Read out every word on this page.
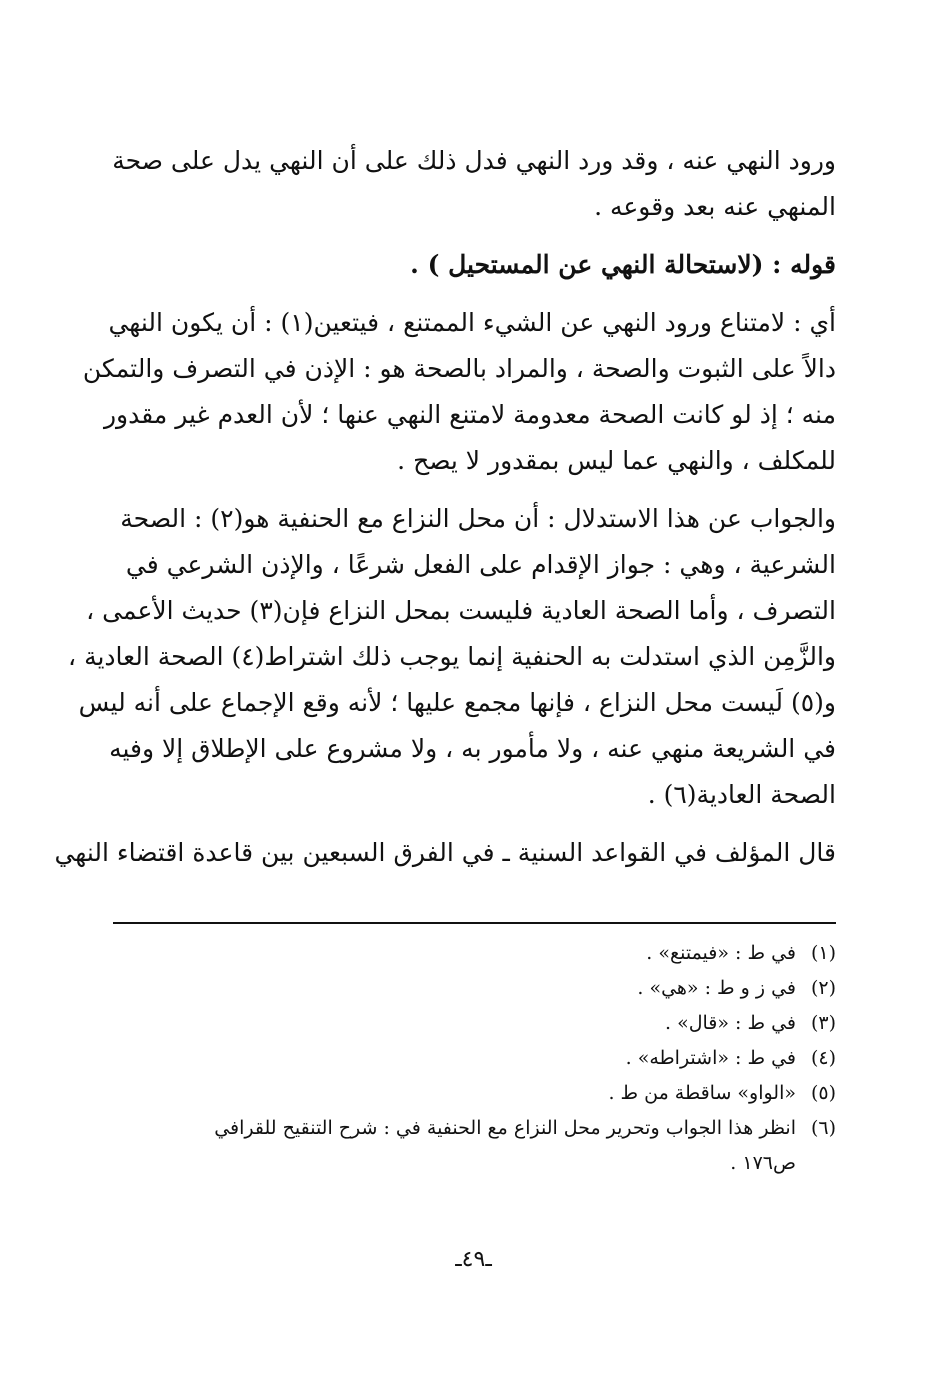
ورود النهي عنه ، وقد ورد النهي فدل ذلك على أن النهي يدل على صحة
المنهي عنه بعد وقوعه .
قوله : (لاستحالة النهي عن المستحيل ) .
أي : لامتناع ورود النهي عن الشيء الممتنع ، فيتعين(١) : أن يكون النهي
دالاً على الثبوت والصحة ، والمراد بالصحة هو : الإذن في التصرف والتمكن
منه ؛ إذ لو كانت الصحة معدومة لامتنع النهي عنها ؛ لأن العدم غير مقدور
للمكلف ، والنهي عما ليس بمقدور لا يصح .
والجواب عن هذا الاستدلال : أن محل النزاع مع الحنفية هو(٢) : الصحة
الشرعية ، وهي : جواز الإقدام على الفعل شرعًا ، والإذن الشرعي في
التصرف ، وأما الصحة العادية فليست بمحل النزاع فإن(٣) حديث الأعمى ،
والزَّمِن الذي استدلت به الحنفية إنما يوجب ذلك اشتراط(٤) الصحة العادية ،
و(٥) لَيست محل النزاع ، فإنها مجمع عليها ؛ لأنه وقع الإجماع على أنه ليس
في الشريعة منهي عنه ، ولا مأمور به ، ولا مشروع على الإطلاق إلا وفيه
الصحة العادية(٦) .
قال المؤلف في القواعد السنية ـ في الفرق السبعين بين قاعدة اقتضاء النهي
(١)في ط : «فيمتنع» .
(٢)في ز و ط : «هي» .
(٣)في ط : «قال» .
(٤)في ط : «اشتراطه» .
(٥)«الواو» ساقطة من ط .
(٦)انظر هذا الجواب وتحرير محل النزاع مع الحنفية في : شرح التنقيح للقرافي
ص١٧٦ .
ـ٤٩ـ
